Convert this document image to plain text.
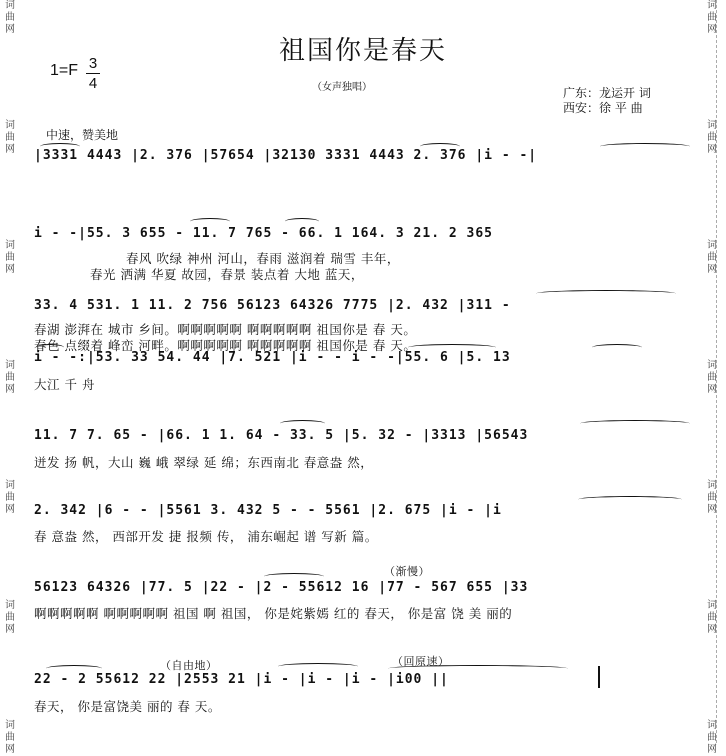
词
曲
网
词
曲
网
词
曲
网
词
曲
网
词
曲
网
词
曲
网
词
曲
网
词
曲
网
词
曲
网
词
曲
网
词
曲
网
词
曲
网
词
曲
网
词
曲
网
祖国你是春天
1=F 3
4	（女声独唱）	广东：龙运开 词
西安：徐 平 曲
中速，赞美地
|3331 4443 |2. 376 |57654 |32130 3331 4443 2. 376 |i - -|
i - -|55. 3 655 - 11. 7 765 - 66. 1 164. 3 21. 2 365
春风 吹绿 神州 河山，春雨 滋润着 瑞雪 丰年，
春光 洒满 华夏 故园，春景 装点着 大地 蓝天，
33. 4 531. 1 11. 2 756 56123 64326 7775 |2. 432 |311 -
春湖 澎湃在 城市 乡间。啊啊啊啊啊 啊啊啊啊啊 祖国你是 春 天。
春色 点缀着 峰峦 河畔。啊啊啊啊啊 啊啊啊啊啊 祖国你是 春 天。
i - -:|53. 33 54. 44 |7. 521 |i - - i - -|55. 6 |5. 13
大江 千 舟
11. 7 7. 65 - |66. 1 1. 64 - 33. 5 |5. 32 - |3313 |56543
迸发 扬 帆，大山 巍 峨 翠绿 延 绵；东西南北 春意盎 然，
2. 342 |6 - - |5561 3. 432 5 - - 5561 |2. 675 |i - |i
春 意盎 然， 西部开发 捷 报频 传， 浦东崛起 谱 写新 篇。
（渐慢）
56123 64326 |77. 5 |22 - |2 - 55612 16 |77 - 567 655 |33
啊啊啊啊啊 啊啊啊啊啊 祖国 啊 祖国， 你是姹紫嫣 红的 春天， 你是富 饶 美 丽的
（自由地）	（回原速）
22 - 2 55612 22 |2553 21 |i - |i - |i - |i00 ||
春天， 你是富饶美 丽的 春 天。
